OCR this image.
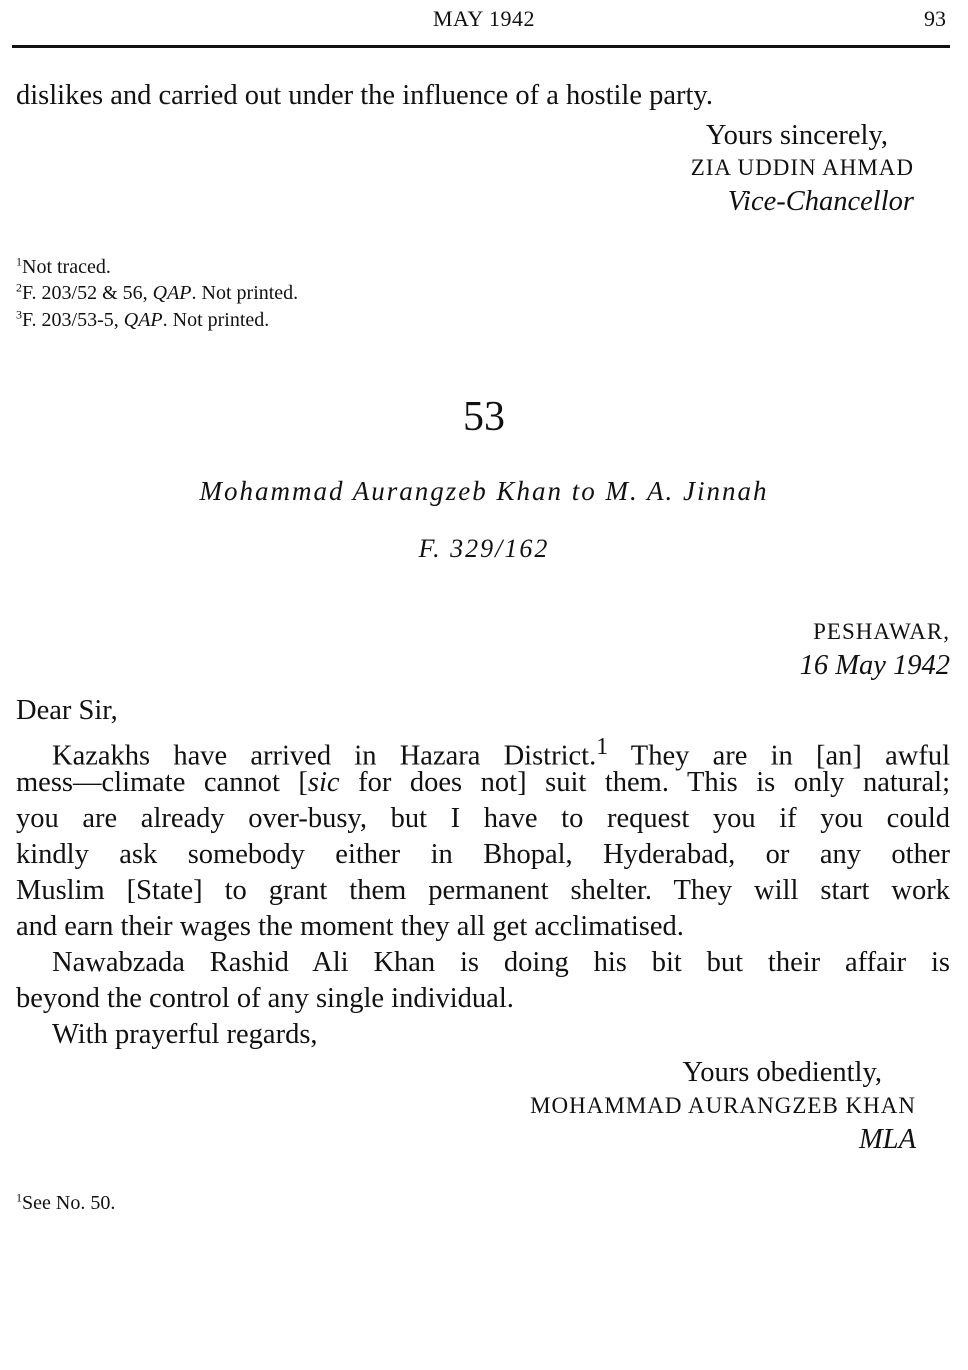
MAY 1942	93
dislikes and carried out under the influence of a hostile party.
Yours sincerely,
ZIA UDDIN AHMAD
Vice-Chancellor
$^1$Not traced.
$^2$F. 203/52 & 56, QAP. Not printed.
$^3$F. 203/53-5, QAP. Not printed.
53
Mohammad Aurangzeb Khan to M. A. Jinnah
F. 329/162
PESHAWAR,
16 May 1942
Dear Sir,
Kazakhs have arrived in Hazara District.$^1$ They are in [an] awful
mess—climate cannot [sic for does not] suit them. This is only natural;
you are already over-busy, but I have to request you if you could
kindly ask somebody either in Bhopal, Hyderabad, or any other
Muslim [State] to grant them permanent shelter. They will start work
and earn their wages the moment they all get acclimatised.
Nawabzada Rashid Ali Khan is doing his bit but their affair is
beyond the control of any single individual.
With prayerful regards,
Yours obediently,
MOHAMMAD AURANGZEB KHAN
MLA
$^1$See No. 50.
